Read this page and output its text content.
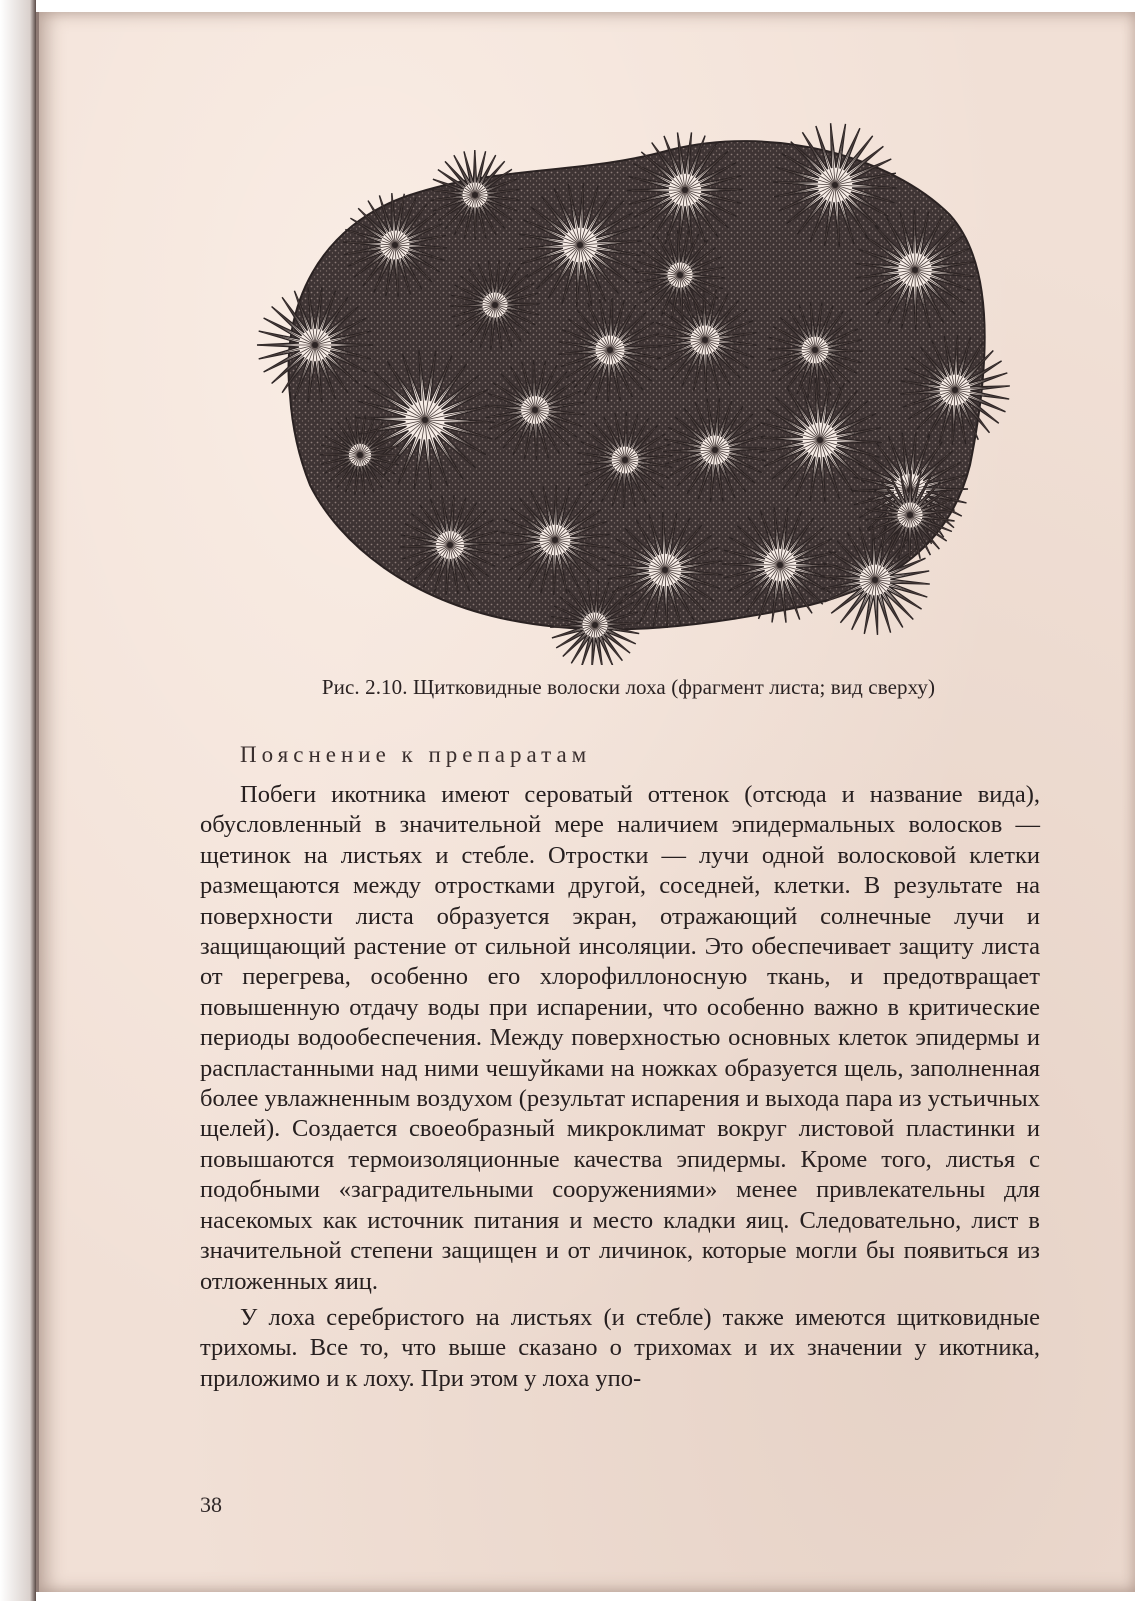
Рис. 2.10. Щитковидные волоски лоха (фрагмент листа; вид сверху)
Пояснение к препаратам

Побеги икотника имеют сероватый оттенок (отсюда и название вида), обусловленный в значительной мере наличием эпидермальных волосков — щетинок на листьях и стебле. Отростки — лучи одной волосковой клетки размещаются между отростками другой, соседней, клетки. В результате на поверхности листа образуется экран, отражающий солнечные лучи и защищающий растение от сильной инсоляции. Это обеспечивает защиту листа от перегрева, особенно его хлорофиллоносную ткань, и предотвращает повышенную отдачу воды при испарении, что особенно важно в критические периоды водообеспечения. Между поверхностью основных клеток эпидермы и распластанными над ними чешуйками на ножках образуется щель, заполненная более увлажненным воздухом (результат испарения и выхода пара из устьичных щелей). Создается своеобразный микроклимат вокруг листовой пластинки и повышаются термоизоляционные качества эпидермы. Кроме того, листья с подобными «заградительными сооружениями» менее привлекательны для насекомых как источник питания и место кладки яиц. Следовательно, лист в значительной степени защищен и от личинок, которые могли бы появиться из отложенных яиц.

У лоха серебристого на листьях (и стебле) также имеются щитковидные трихомы. Все то, что выше сказано о трихомах и их значении у икотника, приложимо и к лоху. При этом у лоха упо-

38
